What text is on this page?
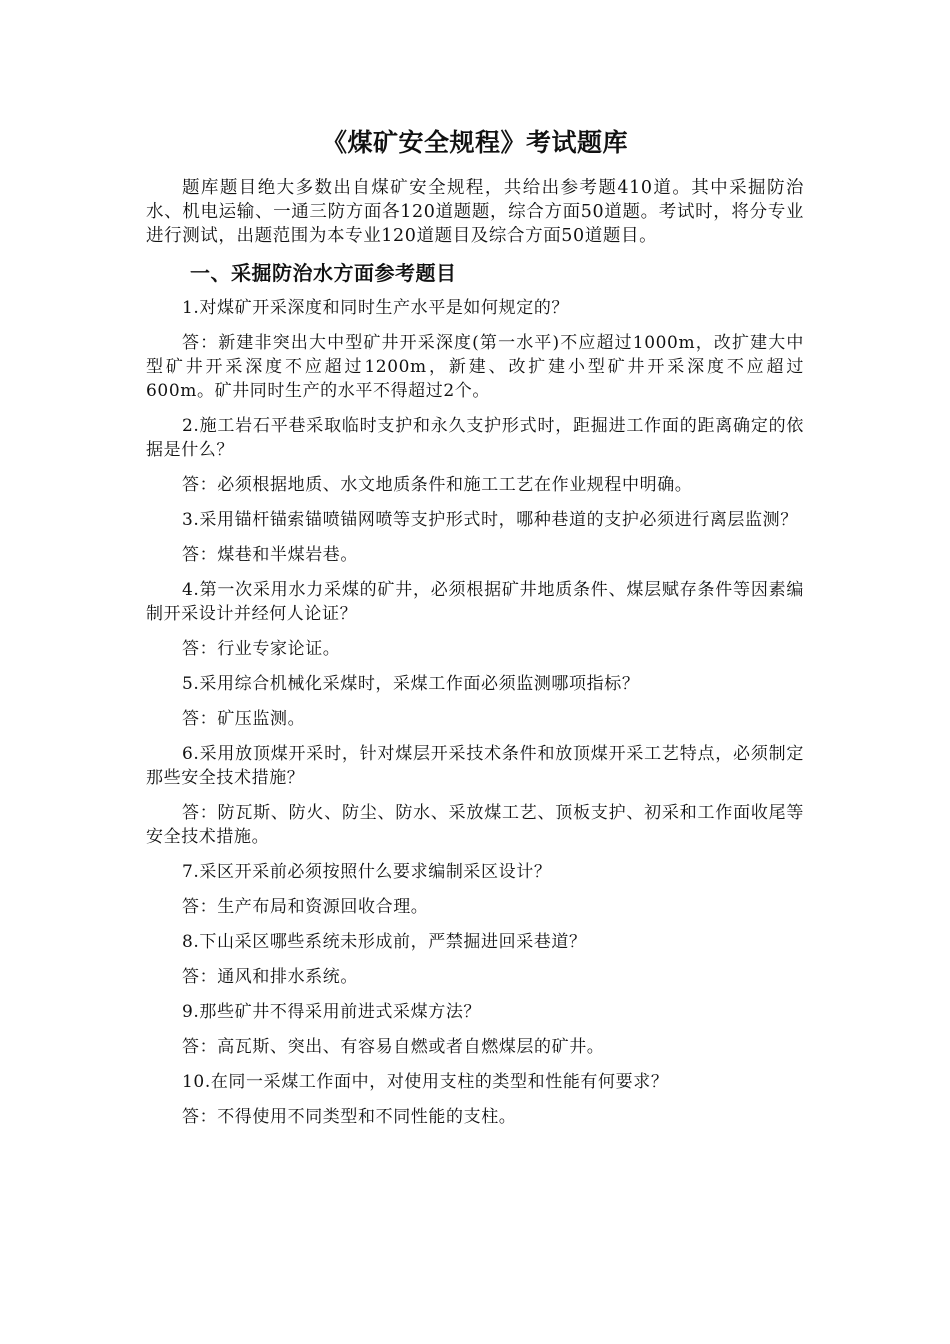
《煤矿安全规程》考试题库

题库题目绝大多数出自煤矿安全规程，共给出参考题410道。其中采掘防治水、机电运输、一通三防方面各120道题题，综合方面50道题。考试时，将分专业进行测试，出题范围为本专业120道题目及综合方面50道题目。

一、采掘防治水方面参考题目

1.对煤矿开采深度和同时生产水平是如何规定的？

答：新建非突出大中型矿井开采深度(第一水平)不应超过1000m，改扩建大中型矿井开采深度不应超过1200m，新建、改扩建小型矿井开采深度不应超过600m。矿井同时生产的水平不得超过2个。

2.施工岩石平巷采取临时支护和永久支护形式时，距掘进工作面的距离确定的依据是什么？

答：必须根据地质、水文地质条件和施工工艺在作业规程中明确。

3.采用锚杆锚索锚喷锚网喷等支护形式时，哪种巷道的支护必须进行离层监测？

答：煤巷和半煤岩巷。

4.第一次采用水力采煤的矿井，必须根据矿井地质条件、煤层赋存条件等因素编制开采设计并经何人论证？

答：行业专家论证。

5.采用综合机械化采煤时，采煤工作面必须监测哪项指标？

答：矿压监测。

6.采用放顶煤开采时，针对煤层开采技术条件和放顶煤开采工艺特点，必须制定那些安全技术措施？

答：防瓦斯、防火、防尘、防水、采放煤工艺、顶板支护、初采和工作面收尾等安全技术措施。

7.采区开采前必须按照什么要求编制采区设计？

答：生产布局和资源回收合理。

8.下山采区哪些系统未形成前，严禁掘进回采巷道？

答：通风和排水系统。

9.那些矿井不得采用前进式采煤方法？

答：高瓦斯、突出、有容易自燃或者自燃煤层的矿井。

10.在同一采煤工作面中，对使用支柱的类型和性能有何要求？

答：不得使用不同类型和不同性能的支柱。
